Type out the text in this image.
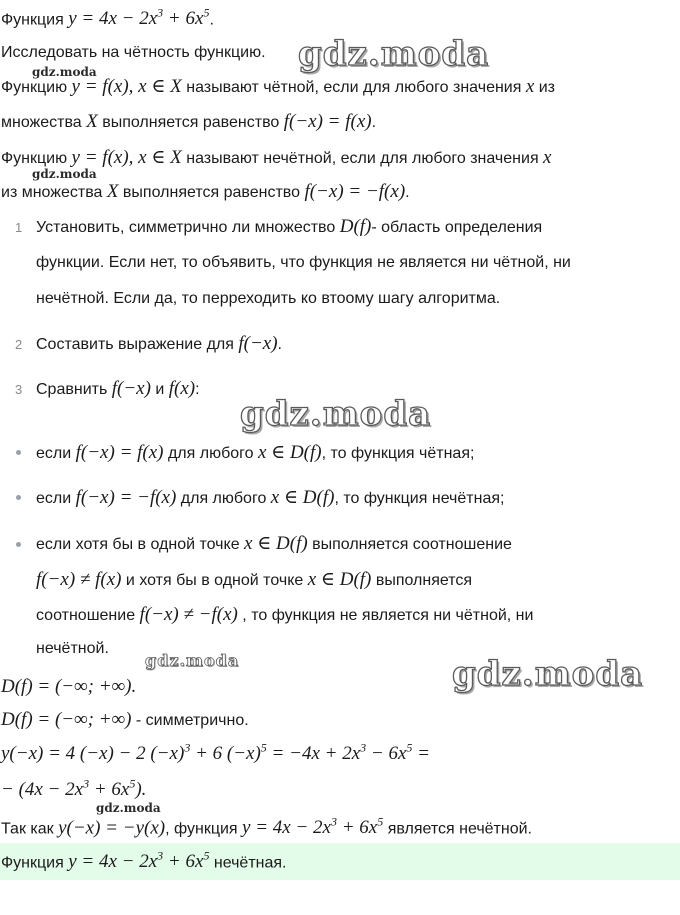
Функция $y = 4x - 2x^3 + 6x^5$.
Исследовать на чётность функцию.
Функцию y = f(x), x ∈ X называют чётной, если для любого значения x из
множества X выполняется равенство f(−x) = f(x).
Функцию y = f(x), x ∈ X называют нечётной, если для любого значения x
из множества X выполняется равенство f(−x) = −f(x).
1 Установить, симметрично ли множество D(f)- область определения
функции. Если нет, то объявить, что функция не является ни чётной, ни
нечётной. Если да, то перреходить ко втоому шагу алгоритма.
2 Составить выражение для f(−x).
3 Сравнить f(−x) и f(x):
если f(−x) = f(x) для любого x ∈ D(f), то функция чётная;
если f(−x) = −f(x) для любого x ∈ D(f), то функция нечётная;
если хотя бы в одной точке x ∈ D(f) выполняется соотношение
f(−x) ≠ f(x) и хотя бы в одной точке x ∈ D(f) выполняется
соотношение f(−x) ≠ −f(x) , то функция не является ни чётной, ни
нечётной.
D(f) = (−∞; +∞).
D(f) = (−∞; +∞) - симметрично.
y(−x) = 4 (−x) − 2 $(-x)^3 + 6$ $(-x)^5 = -4x + 2x^3 - 6x^5$ =
− $(4x - 2x^3 + 6x^5)$.
Так как y(−x) = −y(x), функция $y = 4x - 2x^3 + 6x^5$ является нечётной.
Функция $y = 4x - 2x^3 + 6x^5$ нечётная.
gdz.moda
gdz.moda
gdz.moda
gdz.moda
gdz.moda
gdz.moda
gdz.moda
